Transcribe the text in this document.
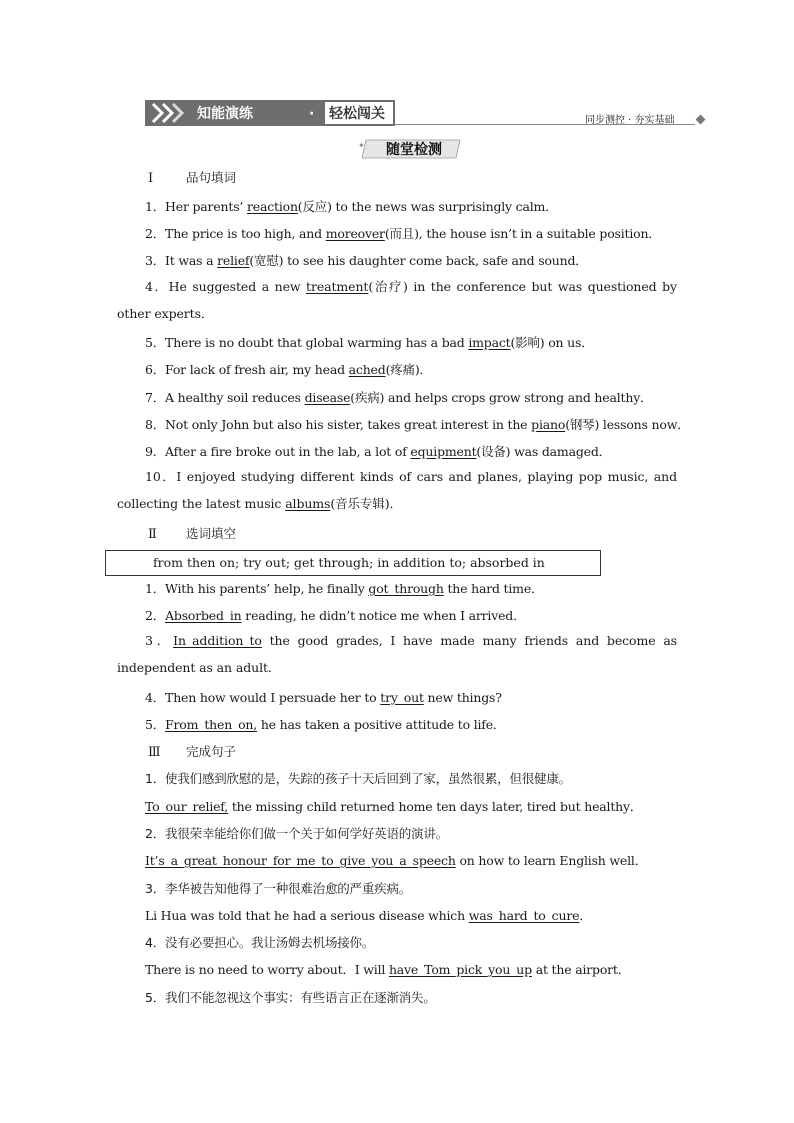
知能演练	· 轻松闯关	同步测控 · 夯实基础
随堂检测
✦
Ⅰ	品句填词
1．Her parents’ reaction(反应) to the news was surprisingly calm．
2．The price is too high, and moreover(而且), the house isn’t in a suitable position．
3．It was a relief(宽慰) to see his daughter come back, safe and sound．
4．He suggested a new treatment(治疗) in the conference but was questioned by other experts．
5．There is no doubt that global warming has a bad impact(影响) on us．
6．For lack of fresh air, my head ached(疼痛)．
7．A healthy soil reduces disease(疾病) and helps crops grow strong and healthy．
8．Not only John but also his sister, takes great interest in the piano(钢琴) lessons now．
9．After a fire broke out in the lab, a lot of equipment(设备) was damaged．
10．I enjoyed studying different kinds of cars and planes, playing pop music, and collecting the latest music albums(音乐专辑)．
Ⅱ 选词填空
from then on; try out; get through; in addition to; absorbed in
1．With his parents’ help, he finally got_through the hard time．
2．Absorbed_in reading, he didn’t notice me when I arrived．
3．In_addition_to the good grades, I have made many friends and become as independent as an adult．
4．Then how would I persuade her to try_out new things?
5．From_then_on, he has taken a positive attitude to life．
Ⅲ 完成句子
1．使我们感到欣慰的是，失踪的孩子十天后回到了家，虽然很累，但很健康。
To_our_relief, the missing child returned home ten days later, tired but healthy．
2．我很荣幸能给你们做一个关于如何学好英语的演讲。
It’s_a_great_honour_for_me_to_give_you_a_speech on how to learn English well．
3．李华被告知他得了一种很难治愈的严重疾病。
Li Hua was told that he had a serious disease which was_hard_to_cure．
4．没有必要担心。我让汤姆去机场接你。
There is no need to worry about．I will have_Tom_pick_you_up at the airport．
5．我们不能忽视这个事实：有些语言正在逐渐消失。
